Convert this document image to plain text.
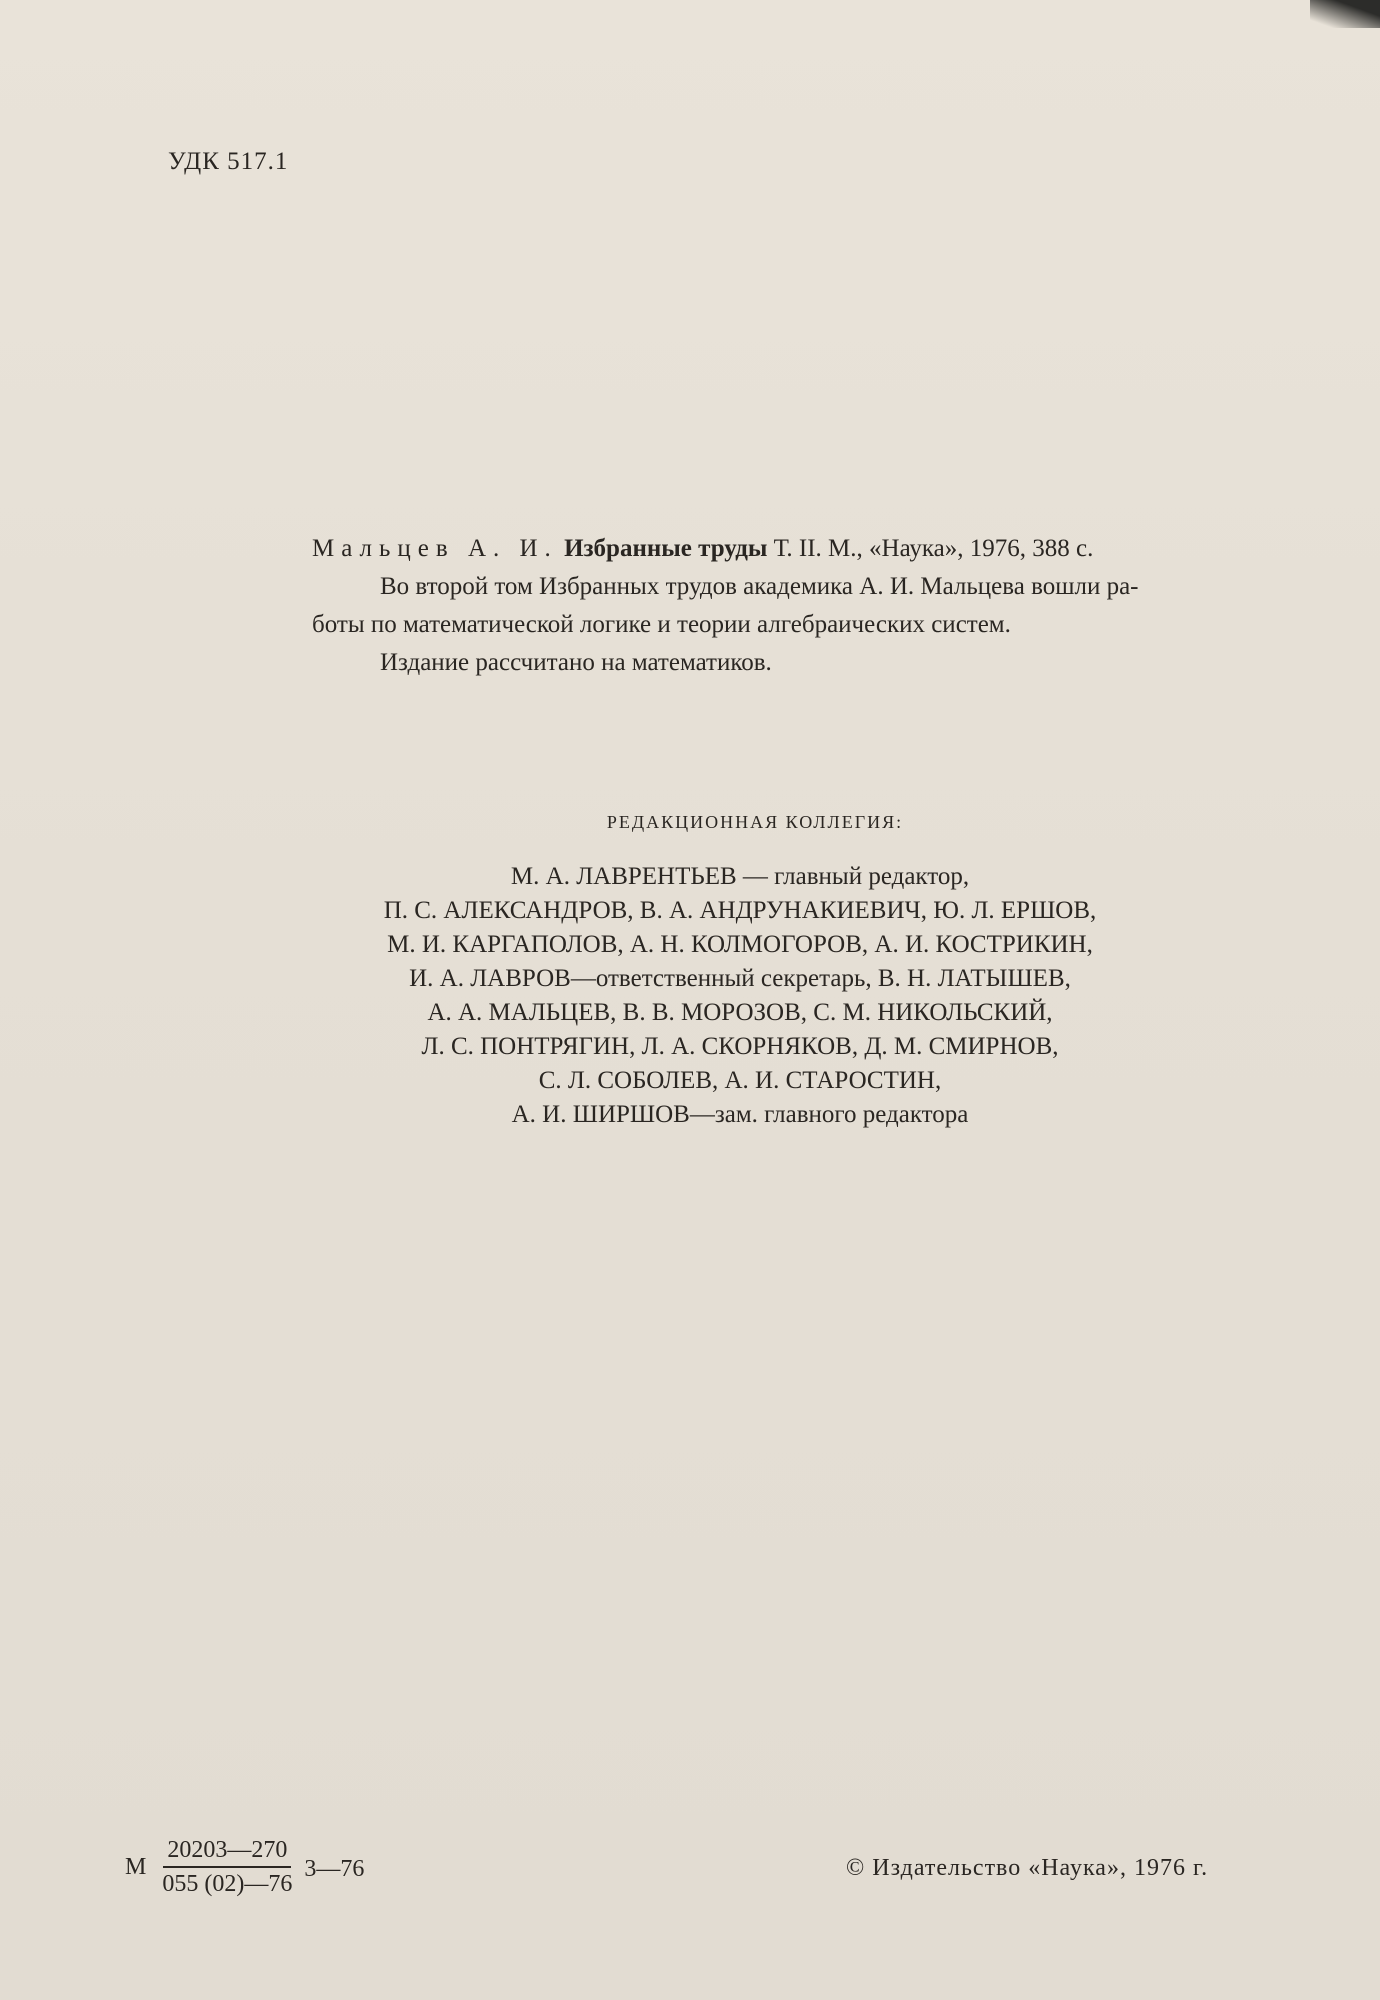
УДК 517.1

Мальцев А. И. Избранные труды Т. II. М., «Наука», 1976, 388 с.

Во второй том Избранных трудов академика А. И. Мальцева вошли ра-

боты по математической логике и теории алгебраических систем.

Издание рассчитано на математиков.

РЕДАКЦИОННАЯ КОЛЛЕГИЯ:
М. А. ЛАВРЕНТЬЕВ — главный редактор,
П. С. АЛЕКСАНДРОВ, В. А. АНДРУНАКИЕВИЧ, Ю. Л. ЕРШОВ,
М. И. КАРГАПОЛОВ, А. Н. КОЛМОГОРОВ, А. И. КОСТРИКИН,
И. А. ЛАВРОВ—ответственный секретарь, В. Н. ЛАТЫШЕВ,
А. А. МАЛЬЦЕВ, В. В. МОРОЗОВ, С. М. НИКОЛЬСКИЙ,
Л. С. ПОНТРЯГИН, Л. А. СКОРНЯКОВ, Д. М. СМИРНОВ,
С. Л. СОБОЛЕВ, А. И. СТАРОСТИН,
А. И. ШИРШОВ—зам. главного редактора
М $\frac{20203—270}{055 (02)—76}$ 3—76	© Издательство «Наука», 1976 г.
